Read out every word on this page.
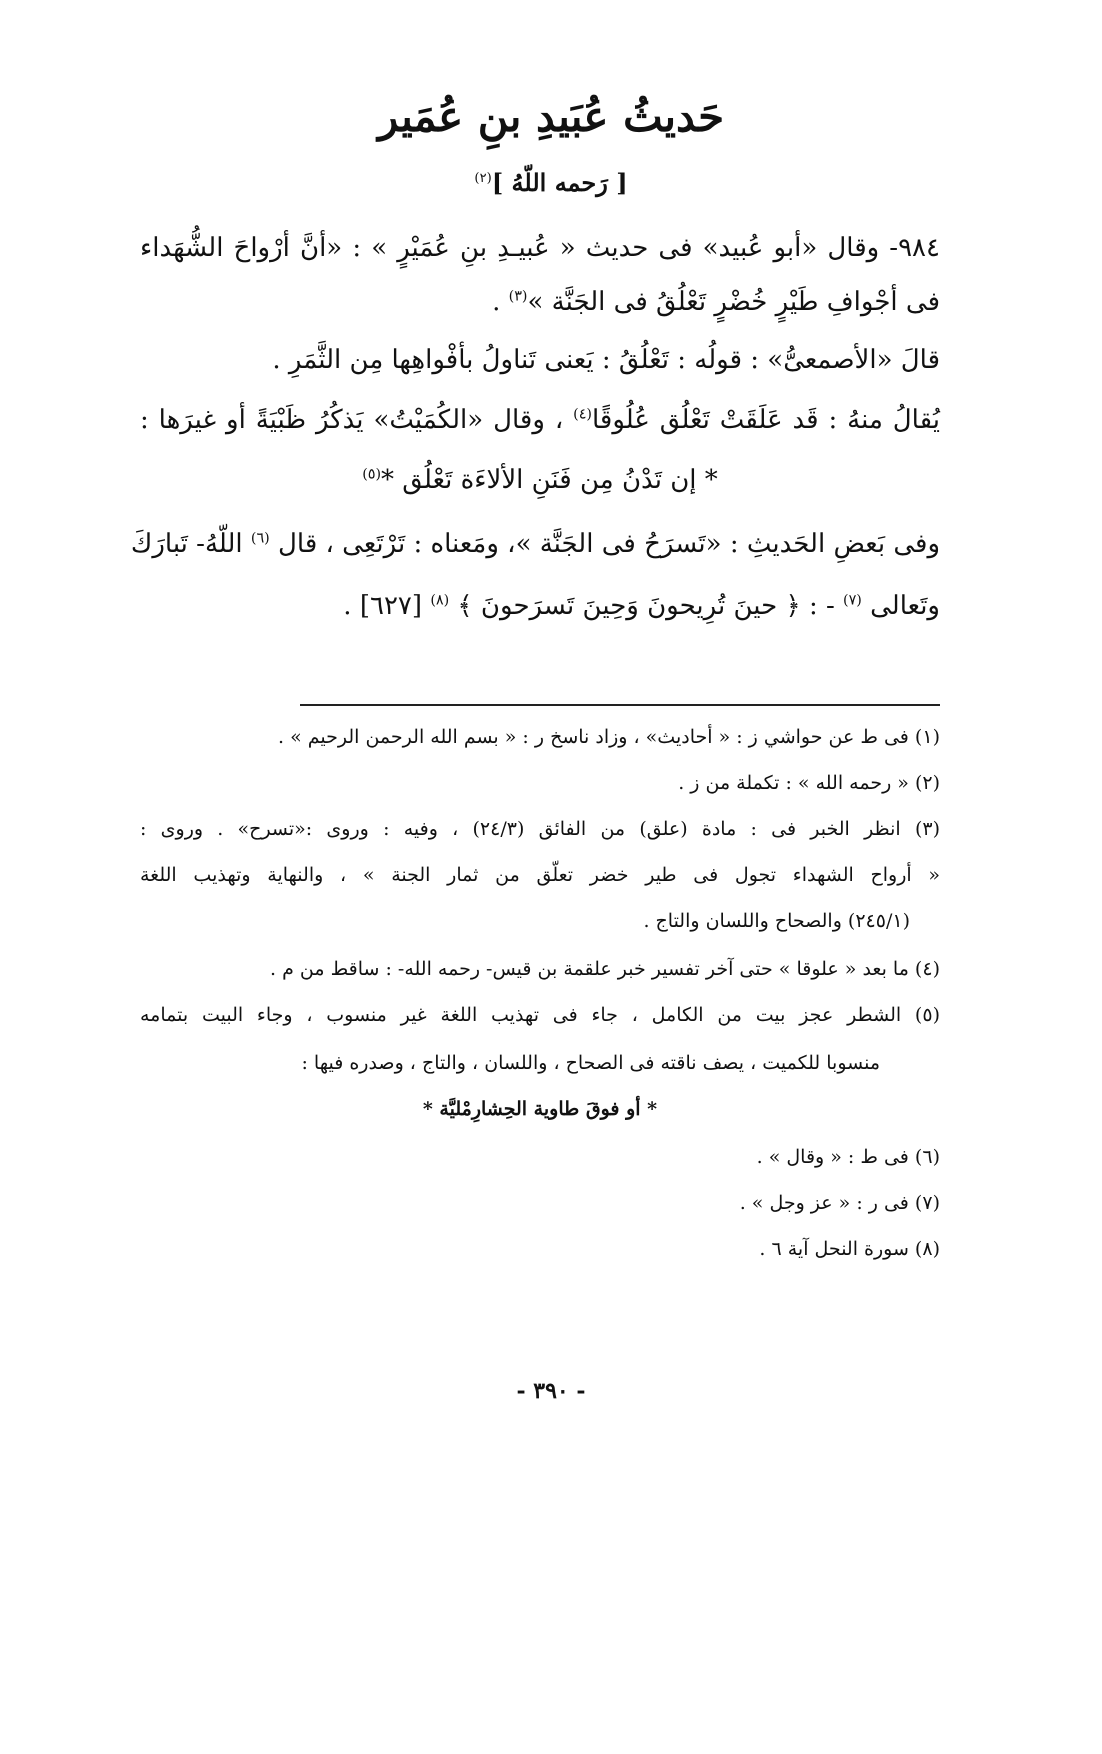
حَديثُ عُبَيدِ بنِ عُمَير
[ رَحمه اللّهُ ]$^{(٢)}$
٩٨٤- وقال «أبو عُبيد» فى حديث « عُبيـدِ بنِ عُمَيْرٍ » : «أنَّ أرْواحَ الشُّهَداء
فى أجْوافِ طَيْرٍ خُضْرٍ تَعْلُقُ فى الجَنَّة »$^{(٣)}$ .
قالَ «الأصمعىُّ» : قولُه : تَعْلُقُ : يَعنى تَناولُ بأفْواهِها مِن الثَّمَرِ .
يُقالُ منهُ : قَد عَلَقَتْ تَعْلُق عُلُوقًا$^{(٤)}$ ، وقال «الكُمَيْتُ» يَذكُرُ ظَبْيَةً أو غيرَها :
* إن تَدْنُ مِن فَنَنِ الألاءَة تَعْلُق *$^{(٥)}$
وفى بَعضِ الحَديثِ : «تَسرَحُ فى الجَنَّة »، ومَعناه : تَرْتَعِى ، قال $^{(٦)}$ اللّهُ- تَبارَكَ
وتَعالى $^{(٧)}$ - : ﴿ حينَ تُرِيحونَ وَحِينَ تَسرَحونَ ﴾ $^{(٨)}$ [٦٢٧] .
(١) فى ط عن حواشي ز : « أحاديث» ، وزاد ناسخ ر : « بسم الله الرحمن الرحيم » .
(٢) « رحمه الله » : تكملة من ز .
(٣) انظر الخبر فى : مادة (علق) من الفائق (٢٤/٣) ، وفيه : وروى :«تسرح» . وروى :
« أرواح الشهداء تجول فى طير خضر تعلّق من ثمار الجنة » ، والنهاية وتهذيب اللغة
(٢٤٥/١) والصحاح واللسان والتاج .
(٤) ما بعد « علوقا » حتى آخر تفسير خبر علقمة بن قيس- رحمه الله- : ساقط من م .
(٥) الشطر عجز بيت من الكامل ، جاء فى تهذيب اللغة غير منسوب ، وجاء البيت بتمامه
منسوبا للكميت ، يصف ناقته فى الصحاح ، واللسان ، والتاج ، وصدره فيها :
* أو فوقَ طاوية الحِشارِمْليَّة *
(٦) فى ط : « وقال » .
(٧) فى ر : « عز وجل » .
(٨) سورة النحل آية ٦ .
- ٣٩٠ -
